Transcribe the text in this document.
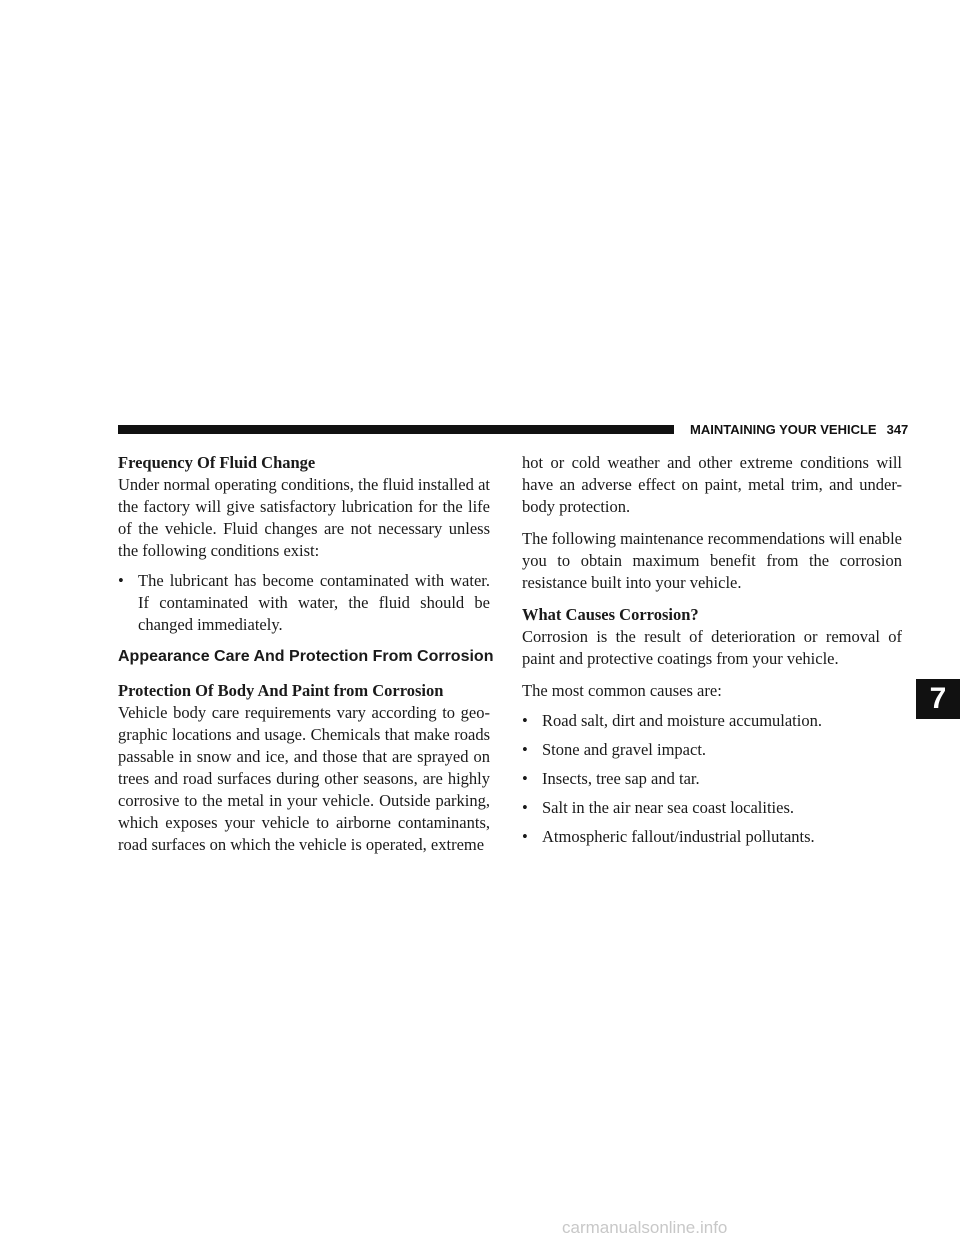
MAINTAINING YOUR VEHICLE 347
Frequency Of Fluid Change

Under normal operating conditions, the fluid installed at the factory will give satisfactory lubrication for the life of the vehicle. Fluid changes are not necessary unless the following conditions exist:

• The lubricant has become contaminated with water. If contaminated with water, the fluid should be changed immediately.
Appearance Care And Protection From Corrosion
Protection Of Body And Paint from Corrosion

Vehicle body care requirements vary according to geo-graphic locations and usage. Chemicals that make roads passable in snow and ice, and those that are sprayed on trees and road surfaces during other seasons, are highly corrosive to the metal in your vehicle. Outside parking, which exposes your vehicle to airborne contaminants, road surfaces on which the vehicle is operated, extreme

hot or cold weather and other extreme conditions will have an adverse effect on paint, metal trim, and under-body protection.

The following maintenance recommendations will enable you to obtain maximum benefit from the corrosion resistance built into your vehicle.

What Causes Corrosion?

Corrosion is the result of deterioration or removal of paint and protective coatings from your vehicle.

The most common causes are:

• Road salt, dirt and moisture accumulation.
• Stone and gravel impact.
• Insects, tree sap and tar.
• Salt in the air near sea coast localities.
• Atmospheric fallout/industrial pollutants.
7
carmanualsonline.info
